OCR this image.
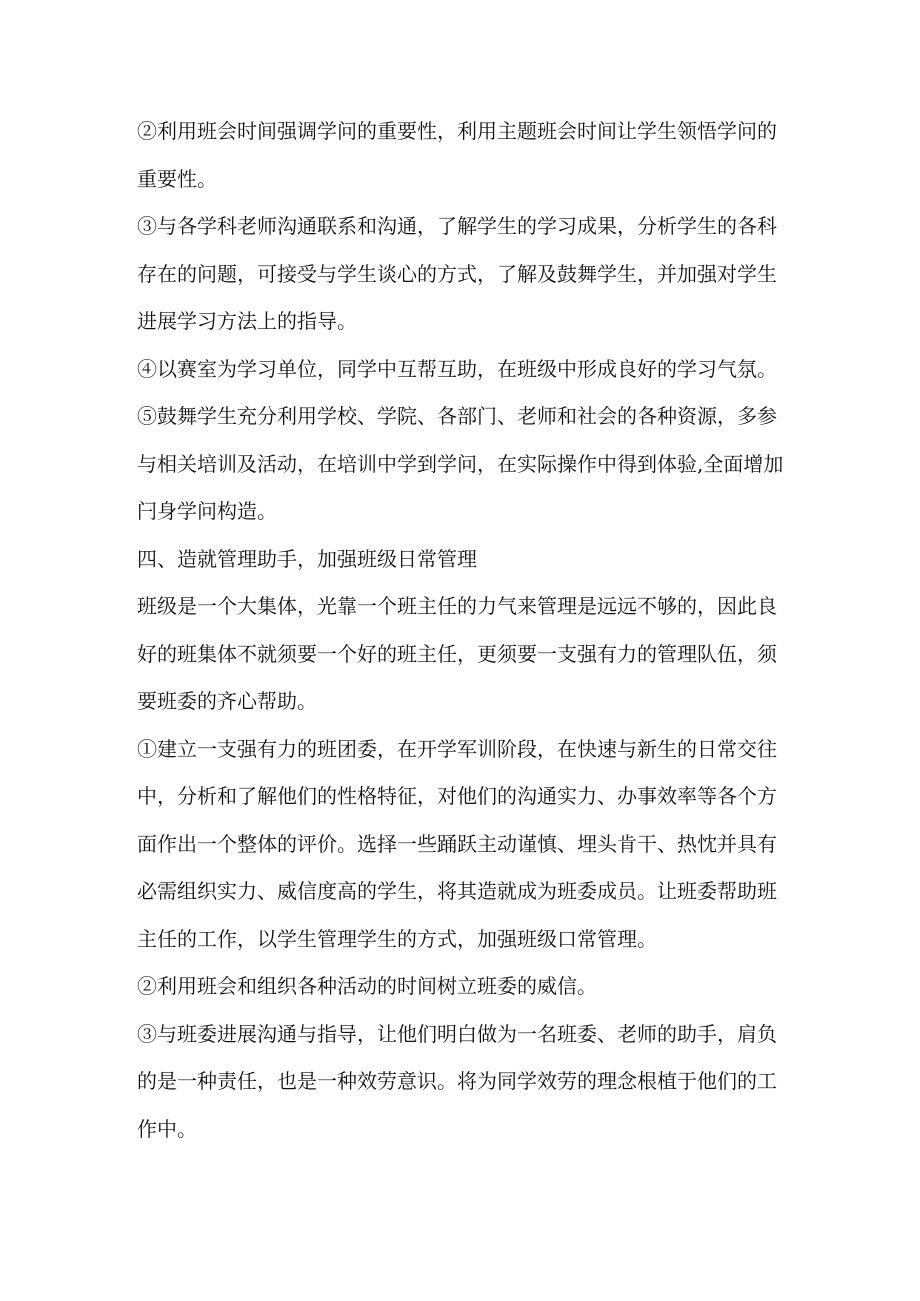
②利用班会时间强调学问的重要性，利用主题班会时间让学生领悟学问的
重要性。
③与各学科老师沟通联系和沟通，了解学生的学习成果，分析学生的各科
存在的问题，可接受与学生谈心的方式，了解及鼓舞学生，并加强对学生
进展学习方法上的指导。
④以赛室为学习单位，同学中互帮互助，在班级中形成良好的学习气氛。
⑤鼓舞学生充分利用学校、学院、各部门、老师和社会的各种资源，多参
与相关培训及活动，在培训中学到学问，在实际操作中得到体验,全面增加
闩身学问构造。
四、造就管理助手，加强班级日常管理
班级是一个大集体，光靠一个班主任的力气来管理是远远不够的，因此良
好的班集体不就须要一个好的班主任，更须要一支强有力的管理队伍，须
要班委的齐心帮助。
①建立一支强有力的班团委，在开学军训阶段，在快速与新生的日常交往
中，分析和了解他们的性格特征，对他们的沟通实力、办事效率等各个方
面作出一个整体的评价。选择一些踊跃主动谨慎、埋头肯干、热忱并具有
必需组织实力、威信度高的学生，将其造就成为班委成员。让班委帮助班
主任的工作，以学生管理学生的方式，加强班级口常管理。
②利用班会和组织各种活动的时间树立班委的威信。
③与班委进展沟通与指导，让他们明白做为一名班委、老师的助手，肩负
的是一种责任，也是一种效劳意识。将为同学效劳的理念根植于他们的工
作中。
